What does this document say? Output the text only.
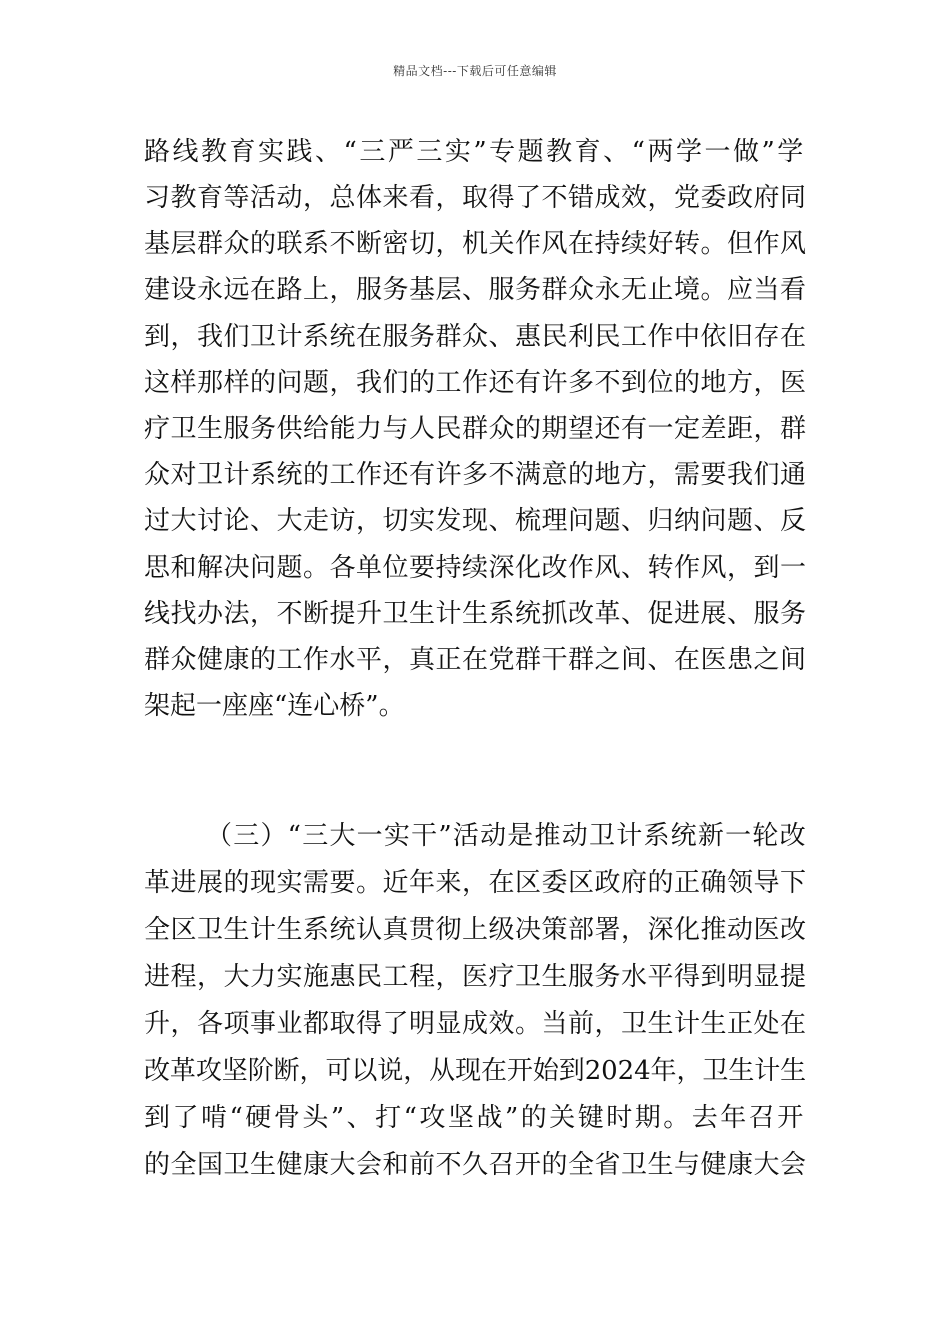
精品文档---下载后可任意编辑
路线教育实践、“三严三实”专题教育、“两学一做”学
习教育等活动，总体来看，取得了不错成效，党委政府同
基层群众的联系不断密切，机关作风在持续好转。但作风
建设永远在路上，服务基层、服务群众永无止境。应当看
到，我们卫计系统在服务群众、惠民利民工作中依旧存在
这样那样的问题，我们的工作还有许多不到位的地方，医
疗卫生服务供给能力与人民群众的期望还有一定差距，群
众对卫计系统的工作还有许多不满意的地方，需要我们通
过大讨论、大走访，切实发现、梳理问题、归纳问题、反
思和解决问题。各单位要持续深化改作风、转作风，到一
线找办法，不断提升卫生计生系统抓改革、促进展、服务
群众健康的工作水平，真正在党群干群之间、在医患之间
架起一座座“连心桥”。
（三）“三大一实干”活动是推动卫计系统新一轮改
革进展的现实需要。近年来，在区委区政府的正确领导下
全区卫生计生系统认真贯彻上级决策部署，深化推动医改
进程，大力实施惠民工程，医疗卫生服务水平得到明显提
升，各项事业都取得了明显成效。当前，卫生计生正处在
改革攻坚阶断，可以说，从现在开始到2024年，卫生计生
到了啃“硬骨头”、打“攻坚战”的关键时期。去年召开
的全国卫生健康大会和前不久召开的全省卫生与健康大会
